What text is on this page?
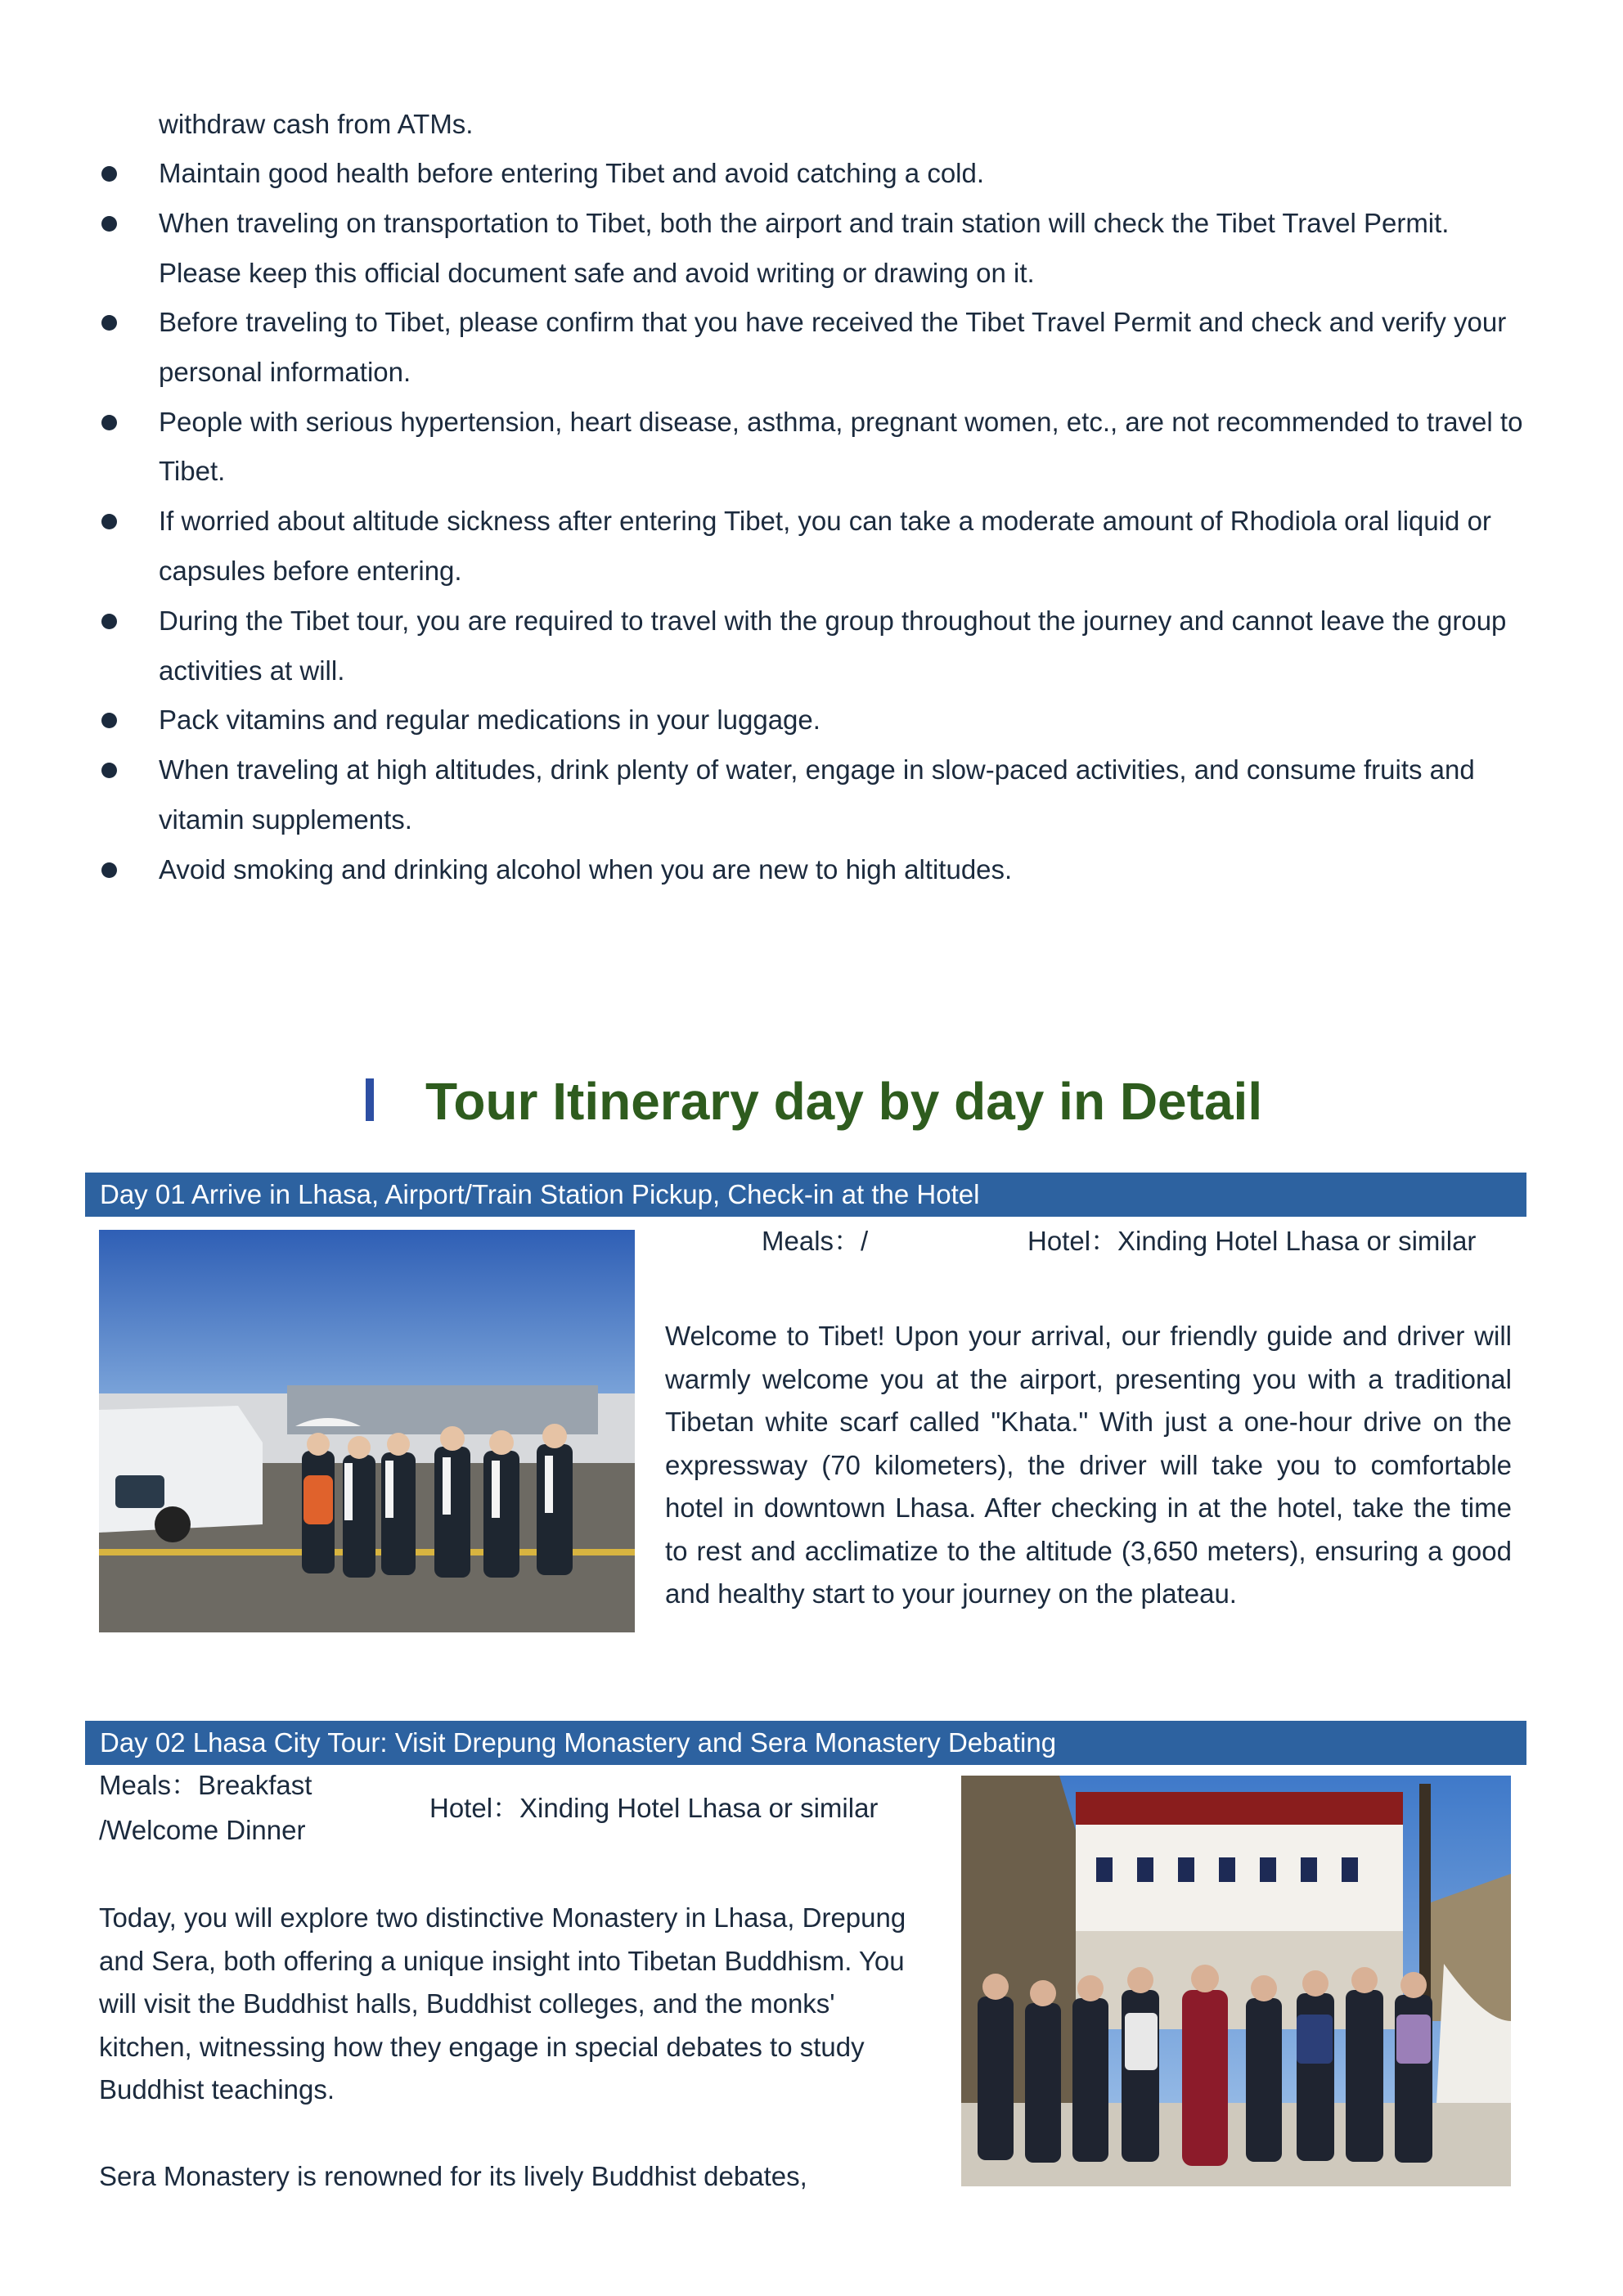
withdraw cash from ATMs.
Maintain good health before entering Tibet and avoid catching a cold.
When traveling on transportation to Tibet, both the airport and train station will check the Tibet Travel Permit.
Please keep this official document safe and avoid writing or drawing on it.
Before traveling to Tibet, please confirm that you have received the Tibet Travel Permit and check and verify your
personal information.
People with serious hypertension, heart disease, asthma, pregnant women, etc., are not recommended to travel to
Tibet.
If worried about altitude sickness after entering Tibet, you can take a moderate amount of Rhodiola oral liquid or
capsules before entering.
During the Tibet tour, you are required to travel with the group throughout the journey and cannot leave the group
activities at will.
Pack vitamins and regular medications in your luggage.
When traveling at high altitudes, drink plenty of water, engage in slow-paced activities, and consume fruits and
vitamin supplements.
Avoid smoking and drinking alcohol when you are new to high altitudes.
Tour Itinerary day by day in Detail
Day 01 Arrive in Lhasa, Airport/Train Station Pickup, Check-in at the Hotel
Meals：/	Hotel：Xinding Hotel Lhasa or similar
Welcome to Tibet! Upon your arrival, our friendly guide and driver will warmly welcome you at the airport, presenting you with a traditional Tibetan white scarf called "Khata." With just a one-hour drive on the expressway (70 kilometers), the driver will take you to comfortable hotel in downtown Lhasa. After checking in at the hotel, take the time to rest and acclimatize to the altitude (3,650 meters), ensuring a good and healthy start to your journey on the plateau.
Day 02 Lhasa City Tour: Visit Drepung Monastery and Sera Monastery Debating
Meals：Breakfast
/Welcome Dinner
Hotel：Xinding Hotel Lhasa or similar
Today, you will explore two distinctive Monastery in Lhasa, Drepung and Sera, both offering a unique insight into Tibetan Buddhism. You will visit the Buddhist halls, Buddhist colleges, and the monks' kitchen, witnessing how they engage in special debates to study Buddhist teachings.
Sera Monastery is renowned for its lively Buddhist debates,
